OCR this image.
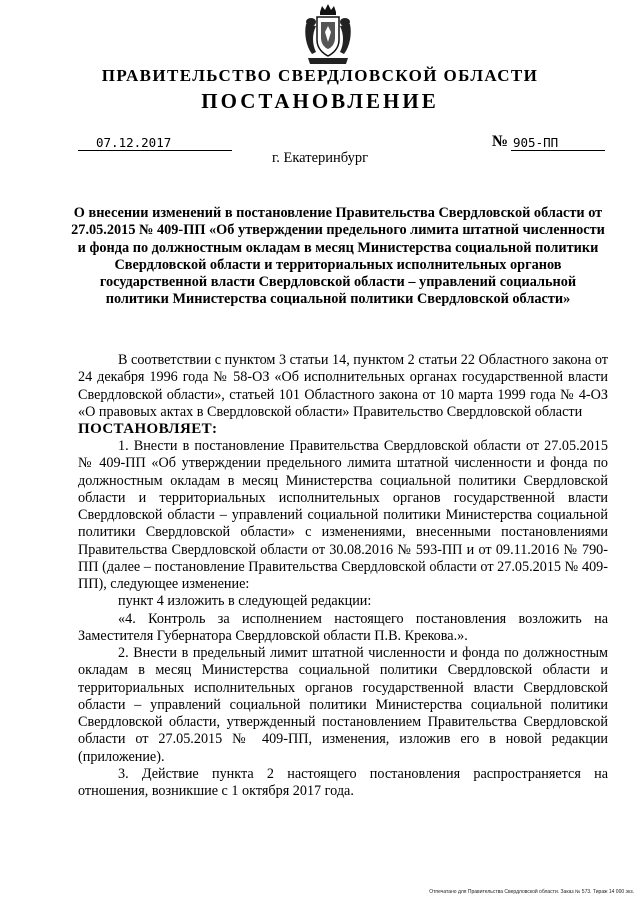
ПРАВИТЕЛЬСТВО СВЕРДЛОВСКОЙ ОБЛАСТИ
ПОСТАНОВЛЕНИЕ
07.12.2017	№ 905-ПП
г. Екатеринбург
О внесении изменений в постановление Правительства Свердловской области от 27.05.2015 № 409-ПП «Об утверждении предельного лимита штатной численности и фонда по должностным окладам в месяц Министерства социальной политики Свердловской области и территориальных исполнительных органов государственной власти Свердловской области – управлений социальной политики Министерства социальной политики Свердловской области»

В соответствии с пунктом 3 статьи 14, пунктом 2 статьи 22 Областного закона от 24 декабря 1996 года № 58-ОЗ «Об исполнительных органах государственной власти Свердловской области», статьей 101 Областного закона от 10 марта 1999 года № 4-ОЗ «О правовых актах в Свердловской области» Правительство Свердловской области

ПОСТАНОВЛЯЕТ:

1. Внести в постановление Правительства Свердловской области от 27.05.2015 № 409-ПП «Об утверждении предельного лимита штатной численности и фонда по должностным окладам в месяц Министерства социальной политики Свердловской области и территориальных исполнительных органов государственной власти Свердловской области – управлений социальной политики Министерства социальной политики Свердловской области» с изменениями, внесенными постановлениями Правительства Свердловской области от 30.08.2016 № 593-ПП и от 09.11.2016 № 790-ПП (далее – постановление Правительства Свердловской области от 27.05.2015 № 409-ПП), следующее изменение:

пункт 4 изложить в следующей редакции:

«4. Контроль за исполнением настоящего постановления возложить на Заместителя Губернатора Свердловской области П.В. Крекова.».

2. Внести в предельный лимит штатной численности и фонда по должностным окладам в месяц Министерства социальной политики Свердловской области и территориальных исполнительных органов государственной власти Свердловской области – управлений социальной политики Министерства социальной политики Свердловской области, утвержденный постановлением Правительства Свердловской области от 27.05.2015 № 409-ПП, изменения, изложив его в новой редакции (приложение).

3. Действие пункта 2 настоящего постановления распространяется на отношения, возникшие с 1 октября 2017 года.

Отпечатано для Правительства Свердловской области. Заказ № 573. Тираж 14 000 экз.
